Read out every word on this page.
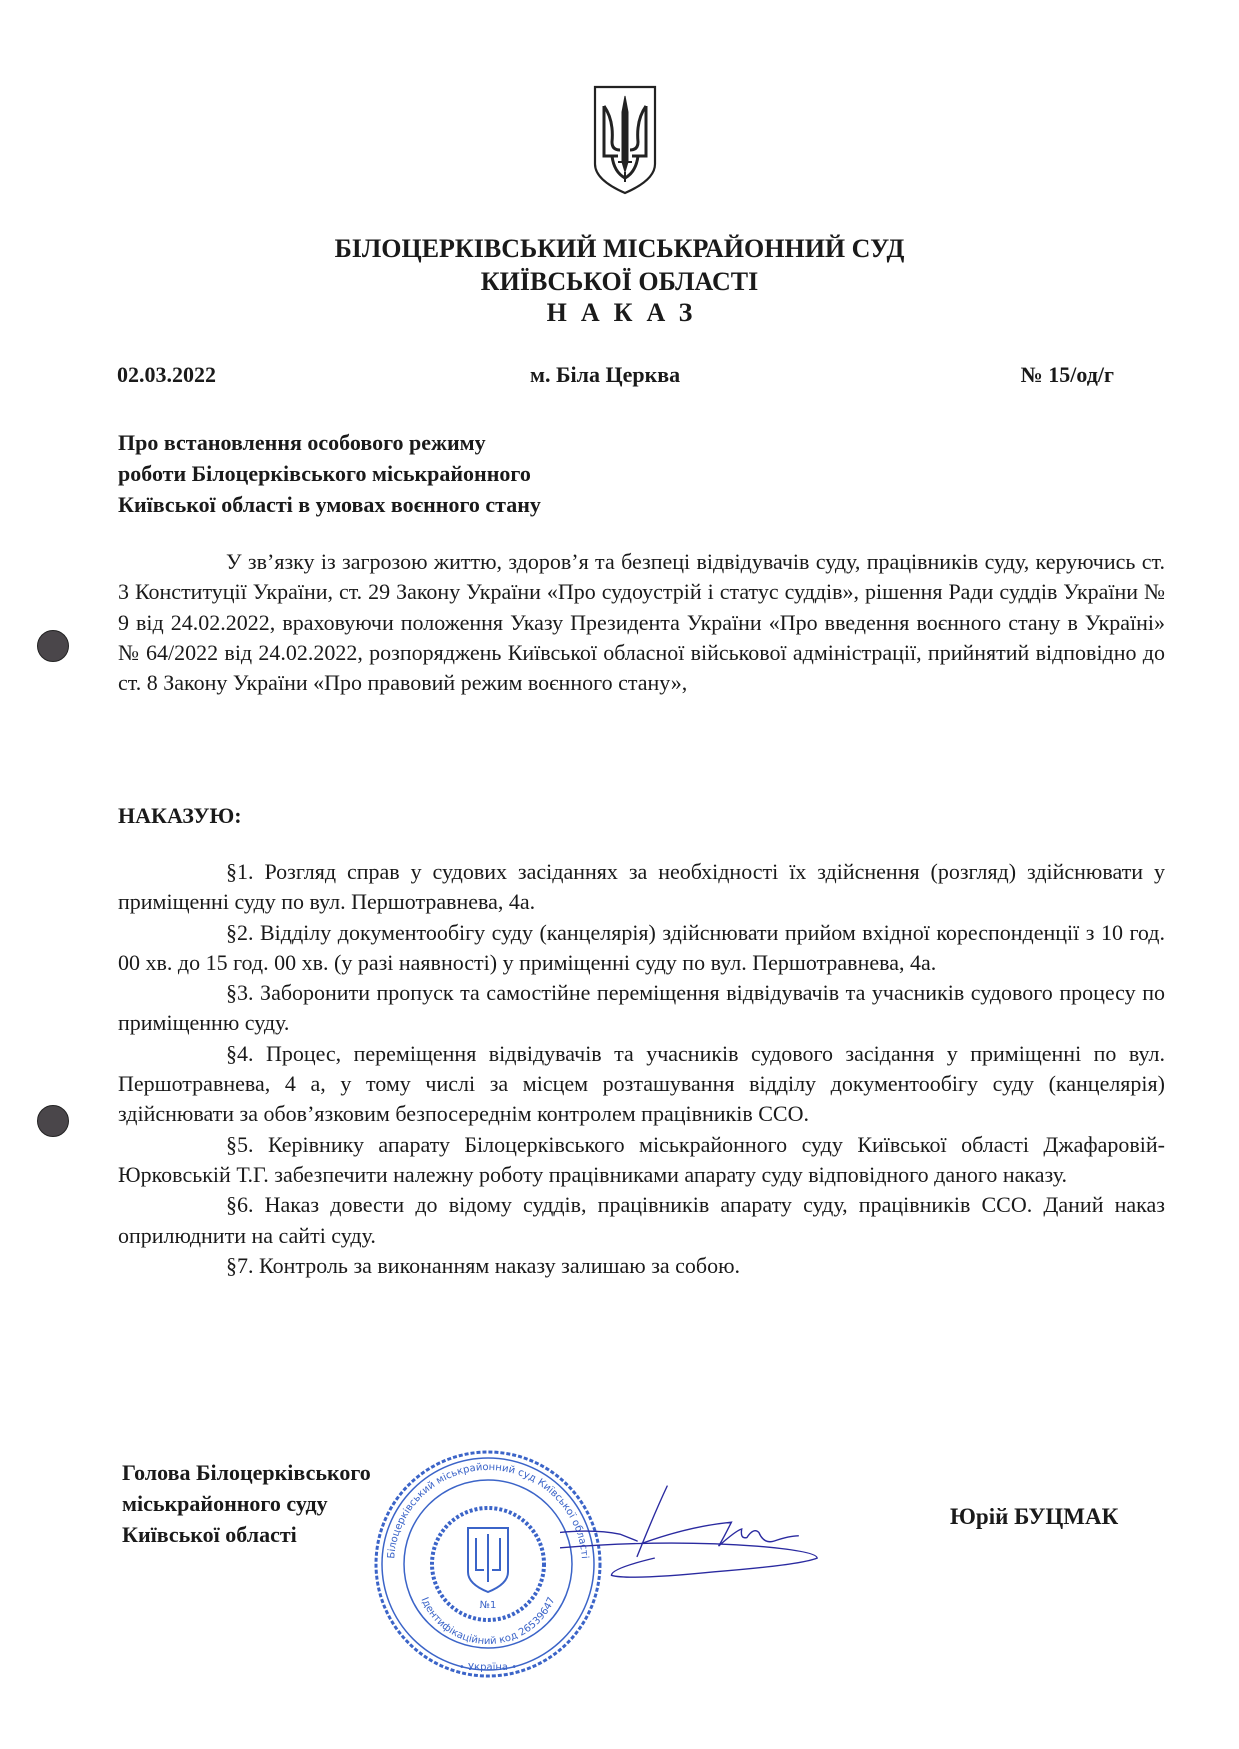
БІЛОЦЕРКІВСЬКИЙ МІСЬКРАЙОННИЙ СУД
КИЇВСЬКОЇ ОБЛАСТІ
НАКАЗ
02.03.2022	м. Біла Церква	№ 15/од/г
Про встановлення особового режиму
роботи Білоцерківського міськрайонного
Київської області в умовах воєнного стану
У зв’язку із загрозою життю, здоров’я та безпеці відвідувачів суду, працівників суду, керуючись ст. 3 Конституції України, ст. 29 Закону України «Про судоустрій і статус суддів», рішення Ради суддів України № 9 від 24.02.2022, враховуючи положення Указу Президента України «Про введення воєнного стану в Україні» № 64/2022 від 24.02.2022, розпоряджень Київської обласної військової адміністрації, прийнятий відповідно до ст. 8 Закону України «Про правовий режим воєнного стану»,
НАКАЗУЮ:

§1. Розгляд справ у судових засіданнях за необхідності їх здійснення (розгляд) здійснювати у приміщенні суду по вул. Першотравнева, 4а.

§2. Відділу документообігу суду (канцелярія) здійснювати прийом вхідної кореспонденції з 10 год. 00 хв. до 15 год. 00 хв. (у разі наявності) у приміщенні суду по вул. Першотравнева, 4а.

§3. Заборонити пропуск та самостійне переміщення відвідувачів та учасників судового процесу по приміщенню суду.

§4. Процес, переміщення відвідувачів та учасників судового засідання у приміщенні по вул. Першотравнева, 4 а, у тому числі за місцем розташування відділу документообігу суду (канцелярія) здійснювати за обов’язковим безпосереднім контролем працівників ССО.

§5. Керівнику апарату Білоцерківського міськрайонного суду Київської області Джафаровій-Юрковській Т.Г. забезпечити належну роботу працівниками апарату суду відповідного даного наказу.

§6. Наказ довести до відому суддів, працівників апарату суду, працівників ССО. Даний наказ оприлюднити на сайті суду.

§7. Контроль за виконанням наказу залишаю за собою.

Голова Білоцерківського
міськрайонного суду
Київської області
Білоцерківський міськрайонний суд Київської області
Ідентифікаційний код 26539647
• Україна •
№1
Юрій БУЦМАК
